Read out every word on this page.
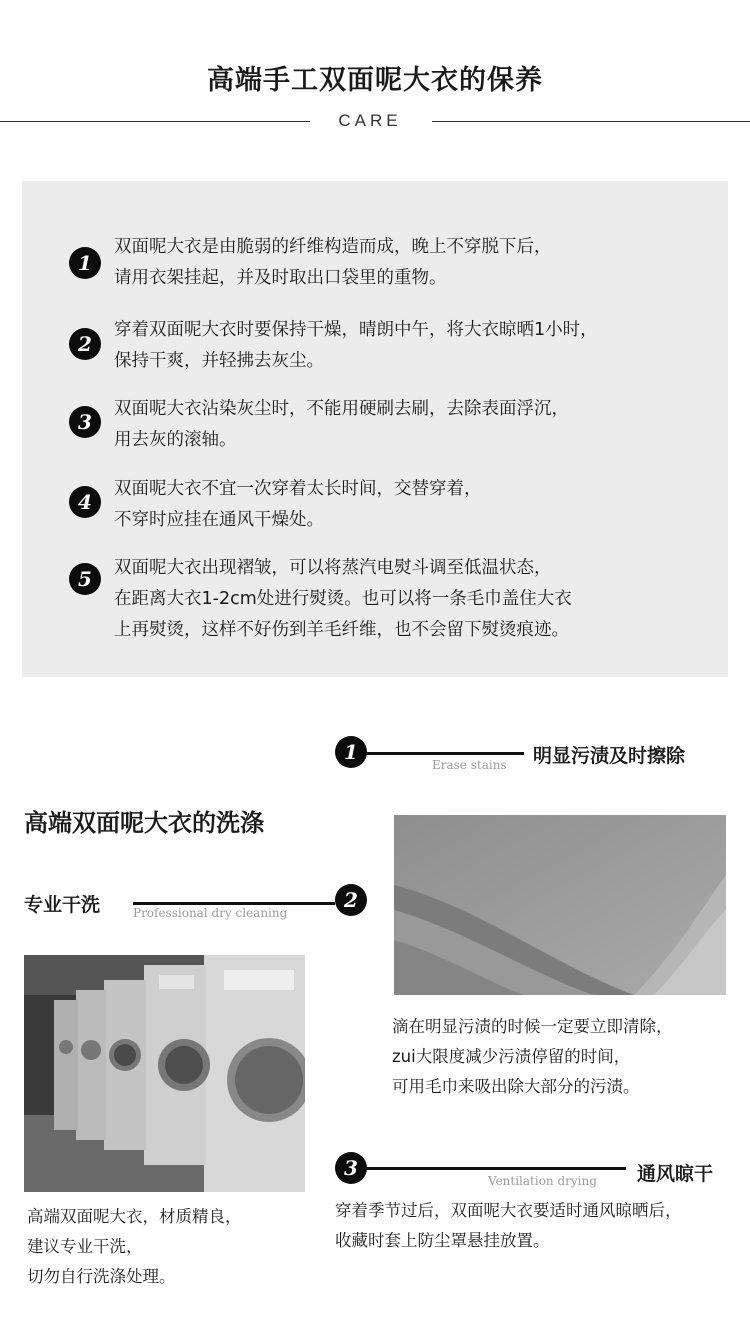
高端手工双面呢大衣的保养
CARE
1
双面呢大衣是由脆弱的纤维构造而成，晚上不穿脱下后，
请用衣架挂起，并及时取出口袋里的重物。
2
穿着双面呢大衣时要保持干燥，晴朗中午，将大衣晾晒1小时，
保持干爽，并轻拂去灰尘。
3
双面呢大衣沾染灰尘时，不能用硬刷去刷，去除表面浮沉，
用去灰的滚轴。
4
双面呢大衣不宜一次穿着太长时间，交替穿着，
不穿时应挂在通风干燥处。
5	双面呢大衣出现褶皱，可以将蒸汽电熨斗调至低温状态，
在距离大衣1-2cm处进行熨烫。也可以将一条毛巾盖住大衣
上再熨烫，这样不好伤到羊毛纤维，也不会留下熨烫痕迹。
高端双面呢大衣的洗涤
1
Erase stains 明显污渍及时擦除
滴在明显污渍的时候一定要立即清除，
zui大限度减少污渍停留的时间，
可用毛巾来吸出除大部分的污渍。
专业干洗	Professional dry cleaning
2
高端双面呢大衣，材质精良，
建议专业干洗，
切勿自行洗涤处理。
3
Ventilation drying 通风晾干
穿着季节过后，双面呢大衣要适时通风晾晒后，
收藏时套上防尘罩悬挂放置。
